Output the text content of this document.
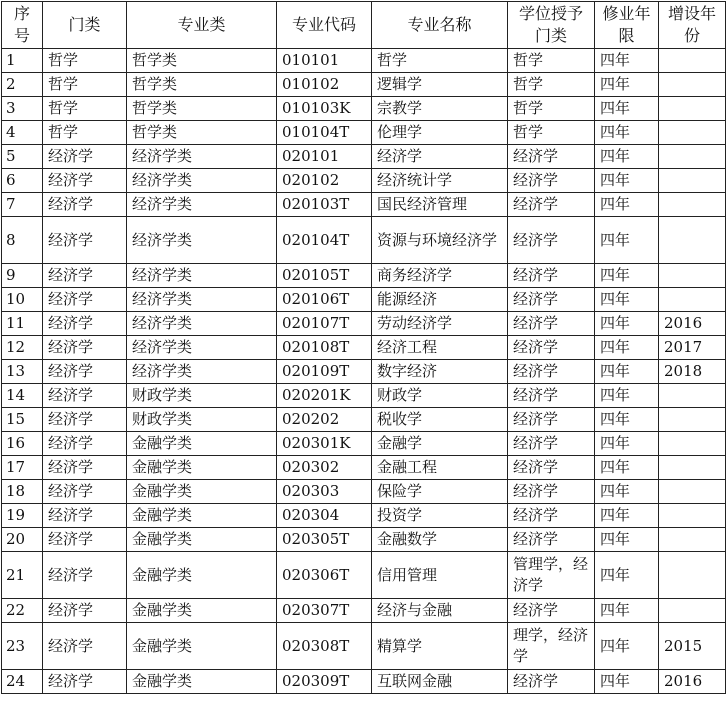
序号	门类	专业类	专业代码	专业名称	学位授予门类	修业年限	增设年份
1	哲学	哲学类	010101	哲学	哲学	四年	
2	哲学	哲学类	010102	逻辑学	哲学	四年	
3	哲学	哲学类	010103K	宗教学	哲学	四年	
4	哲学	哲学类	010104T	伦理学	哲学	四年	
5	经济学	经济学类	020101	经济学	经济学	四年	
6	经济学	经济学类	020102	经济统计学	经济学	四年	
7	经济学	经济学类	020103T	国民经济管理	经济学	四年	
8	经济学	经济学类	020104T	资源与环境经济学	经济学	四年	
9	经济学	经济学类	020105T	商务经济学	经济学	四年	
10	经济学	经济学类	020106T	能源经济	经济学	四年	
11	经济学	经济学类	020107T	劳动经济学	经济学	四年	2016
12	经济学	经济学类	020108T	经济工程	经济学	四年	2017
13	经济学	经济学类	020109T	数字经济	经济学	四年	2018
14	经济学	财政学类	020201K	财政学	经济学	四年	
15	经济学	财政学类	020202	税收学	经济学	四年	
16	经济学	金融学类	020301K	金融学	经济学	四年	
17	经济学	金融学类	020302	金融工程	经济学	四年	
18	经济学	金融学类	020303	保险学	经济学	四年	
19	经济学	金融学类	020304	投资学	经济学	四年	
20	经济学	金融学类	020305T	金融数学	经济学	四年	
21	经济学	金融学类	020306T	信用管理	管理学，经济学	四年	
22	经济学	金融学类	020307T	经济与金融	经济学	四年	
23	经济学	金融学类	020308T	精算学	理学，经济学	四年	2015
24	经济学	金融学类	020309T	互联网金融	经济学	四年	2016
